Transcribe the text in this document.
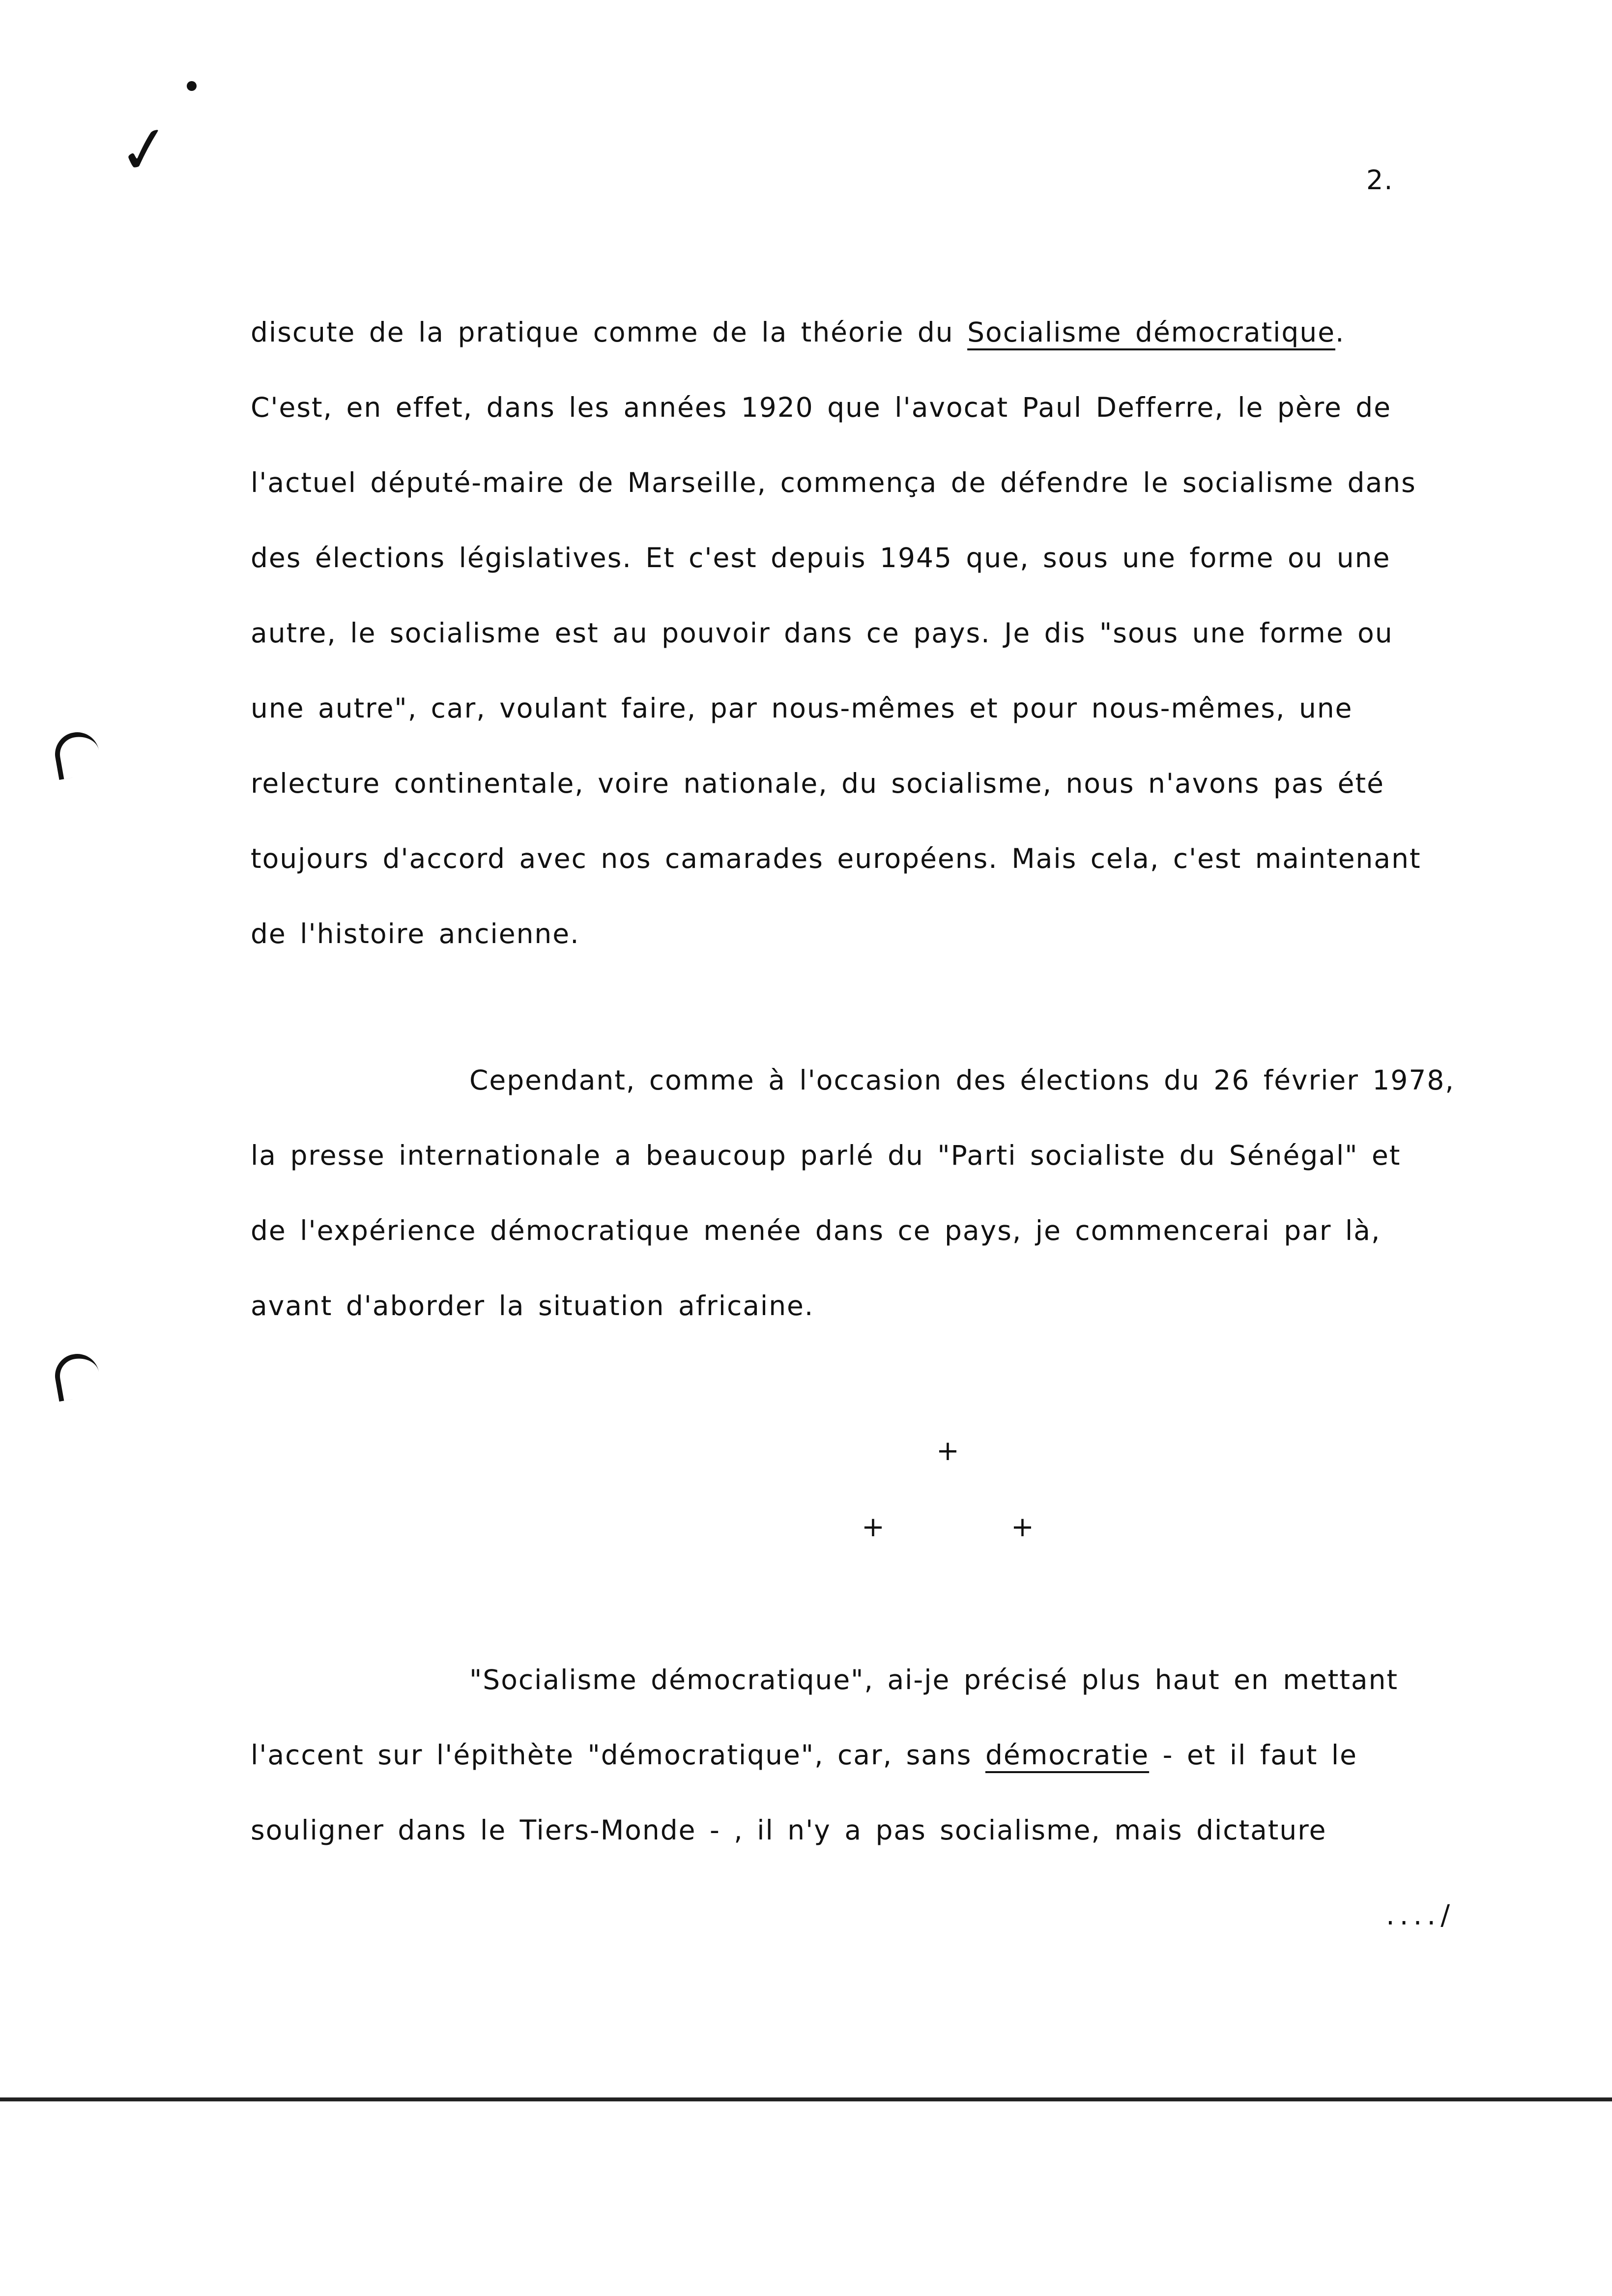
✓	2.
discute de la pratique comme de la théorie du Socialisme démocratique.
C'est, en effet, dans les années 1920 que l'avocat Paul Defferre, le père de
l'actuel député-maire de Marseille, commença de défendre le socialisme dans
des élections législatives. Et c'est depuis 1945 que, sous une forme ou une
autre, le socialisme est au pouvoir dans ce pays. Je dis "sous une forme ou
une autre", car, voulant faire, par nous-mêmes et pour nous-mêmes, une
relecture continentale, voire nationale, du socialisme, nous n'avons pas été
toujours d'accord avec nos camarades européens. Mais cela, c'est maintenant
de l'histoire ancienne.
Cependant, comme à l'occasion des élections du 26 février 1978,
la presse internationale a beaucoup parlé du "Parti socialiste du Sénégal" et
de l'expérience démocratique menée dans ce pays, je commencerai par là,
avant d'aborder la situation africaine.
+
+	+
"Socialisme démocratique", ai-je précisé plus haut en mettant
l'accent sur l'épithète "démocratique", car, sans démocratie - et il faut le
souligner dans le Tiers-Monde - , il n'y a pas socialisme, mais dictature
..../
